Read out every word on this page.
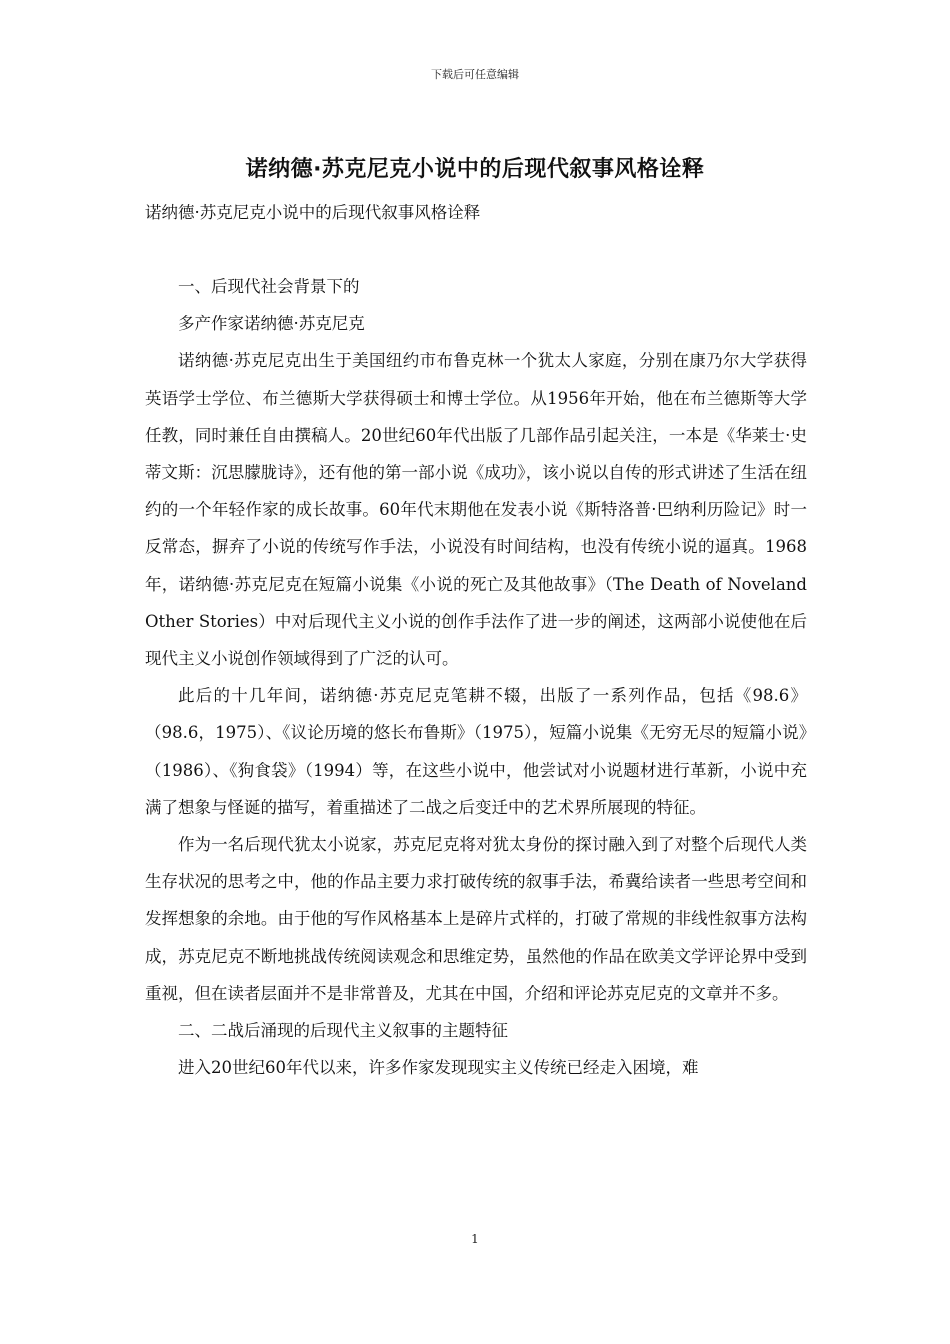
下载后可任意编辑
诺纳德·苏克尼克小说中的后现代叙事风格诠释
诺纳德·苏克尼克小说中的后现代叙事风格诠释

一、后现代社会背景下的

多产作家诺纳德·苏克尼克

诺纳德·苏克尼克出生于美国纽约市布鲁克林一个犹太人家庭，分别在康乃尔大学获得英语学士学位、布兰德斯大学获得硕士和博士学位。从1956年开始，他在布兰德斯等大学任教，同时兼任自由撰稿人。20世纪60年代出版了几部作品引起关注，一本是《华莱士·史蒂文斯：沉思朦胧诗》，还有他的第一部小说《成功》，该小说以自传的形式讲述了生活在纽约的一个年轻作家的成长故事。60年代末期他在发表小说《斯特洛普·巴纳利历险记》时一反常态，摒弃了小说的传统写作手法，小说没有时间结构，也没有传统小说的逼真。1968年，诺纳德·苏克尼克在短篇小说集《小说的死亡及其他故事》（The Death of Noveland Other Stories）中对后现代主义小说的创作手法作了进一步的阐述，这两部小说使他在后现代主义小说创作领域得到了广泛的认可。

此后的十几年间，诺纳德·苏克尼克笔耕不辍，出版了一系列作品，包括《98.6》（98.6，1975）、《议论历境的悠长布鲁斯》（1975），短篇小说集《无穷无尽的短篇小说》（1986）、《狗食袋》（1994）等，在这些小说中，他尝试对小说题材进行革新，小说中充满了想象与怪诞的描写，着重描述了二战之后变迁中的艺术界所展现的特征。

作为一名后现代犹太小说家，苏克尼克将对犹太身份的探讨融入到了对整个后现代人类生存状况的思考之中，他的作品主要力求打破传统的叙事手法，希冀给读者一些思考空间和发挥想象的余地。由于他的写作风格基本上是碎片式样的，打破了常规的非线性叙事方法构成，苏克尼克不断地挑战传统阅读观念和思维定势，虽然他的作品在欧美文学评论界中受到重视，但在读者层面并不是非常普及，尤其在中国，介绍和评论苏克尼克的文章并不多。

二、二战后涌现的后现代主义叙事的主题特征

进入20世纪60年代以来，许多作家发现现实主义传统已经走入困境，难

1
